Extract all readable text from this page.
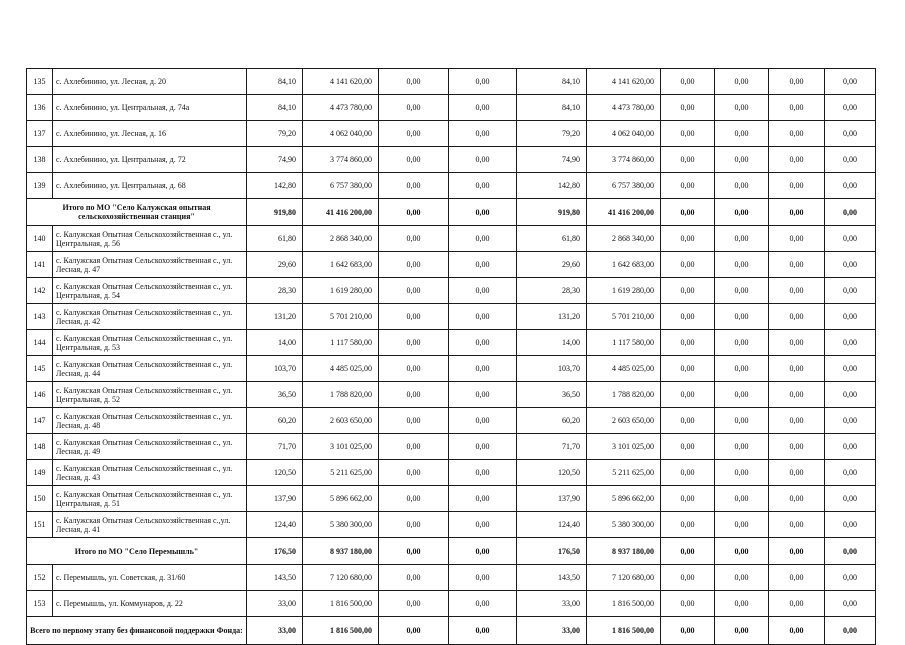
135	с. Ахлебинино, ул. Лесная, д. 20	84,10	4 141 620,00	0,00	0,00	84,10	4 141 620,00	0,00	0,00	0,00	0,00
136	с. Ахлебинино, ул. Центральная, д. 74а	84,10	4 473 780,00	0,00	0,00	84,10	4 473 780,00	0,00	0,00	0,00	0,00
137	с. Ахлебинино, ул. Лесная, д. 16	79,20	4 062 040,00	0,00	0,00	79,20	4 062 040,00	0,00	0,00	0,00	0,00
138	с. Ахлебинино, ул. Центральная, д. 72	74,90	3 774 860,00	0,00	0,00	74,90	3 774 860,00	0,00	0,00	0,00	0,00
139	с. Ахлебинино, ул. Центральная, д. 68	142,80	6 757 380,00	0,00	0,00	142,80	6 757 380,00	0,00	0,00	0,00	0,00
Итого по МО "Село Калужская опытная сельскохозяйственная станция"		919,80	41 416 200,00	0,00	0,00	919,80	41 416 200,00	0,00	0,00	0,00	0,00
140	с. Калужская Опытная Сельскохозяйственная с., ул. Центральная, д. 56	61,80	2 868 340,00	0,00	0,00	61,80	2 868 340,00	0,00	0,00	0,00	0,00
141	с. Калужская Опытная Сельскохозяйственная с., ул. Лесная, д. 47	29,60	1 642 683,00	0,00	0,00	29,60	1 642 683,00	0,00	0,00	0,00	0,00
142	с. Калужская Опытная Сельскохозяйственная с., ул. Центральная, д. 54	28,30	1 619 280,00	0,00	0,00	28,30	1 619 280,00	0,00	0,00	0,00	0,00
143	с. Калужская Опытная Сельскохозяйственная с., ул. Лесная, д. 42	131,20	5 701 210,00	0,00	0,00	131,20	5 701 210,00	0,00	0,00	0,00	0,00
144	с. Калужская Опытная Сельскохозяйственная с., ул. Центральная, д. 53	14,00	1 117 580,00	0,00	0,00	14,00	1 117 580,00	0,00	0,00	0,00	0,00
145	с. Калужская Опытная Сельскохозяйственная с., ул. Лесная, д. 44	103,70	4 485 025,00	0,00	0,00	103,70	4 485 025,00	0,00	0,00	0,00	0,00
146	с. Калужская Опытная Сельскохозяйственная с., ул. Центральная, д. 52	36,50	1 788 820,00	0,00	0,00	36,50	1 788 820,00	0,00	0,00	0,00	0,00
147	с. Калужская Опытная Сельскохозяйственная с., ул. Лесная, д. 48	60,20	2 603 650,00	0,00	0,00	60,20	2 603 650,00	0,00	0,00	0,00	0,00
148	с. Калужская Опытная Сельскохозяйственная с., ул. Лесная, д. 49	71,70	3 101 025,00	0,00	0,00	71,70	3 101 025,00	0,00	0,00	0,00	0,00
149	с. Калужская Опытная Сельскохозяйственная с., ул. Лесная, д. 43	120,50	5 211 625,00	0,00	0,00	120,50	5 211 625,00	0,00	0,00	0,00	0,00
150	с. Калужская Опытная Сельскохозяйственная с., ул. Центральная, д. 51	137,90	5 896 662,00	0,00	0,00	137,90	5 896 662,00	0,00	0,00	0,00	0,00
151	с. Калужская Опытная Сельскохозяйственная с.,ул. Лесная, д. 41	124,40	5 380 300,00	0,00	0,00	124,40	5 380 300,00	0,00	0,00	0,00	0,00
Итого по МО "Село Перемышль"		176,50	8 937 180,00	0,00	0,00	176,50	8 937 180,00	0,00	0,00	0,00	0,00
152	с. Перемышль, ул. Советская, д. 31/60	143,50	7 120 680,00	0,00	0,00	143,50	7 120 680,00	0,00	0,00	0,00	0,00
153	с. Перемышль, ул. Коммунаров, д. 22	33,00	1 816 500,00	0,00	0,00	33,00	1 816 500,00	0,00	0,00	0,00	0,00
Всего по первому этапу без финансовой поддержки Фонда:		33,00	1 816 500,00	0,00	0,00	33,00	1 816 500,00	0,00	0,00	0,00	0,00
